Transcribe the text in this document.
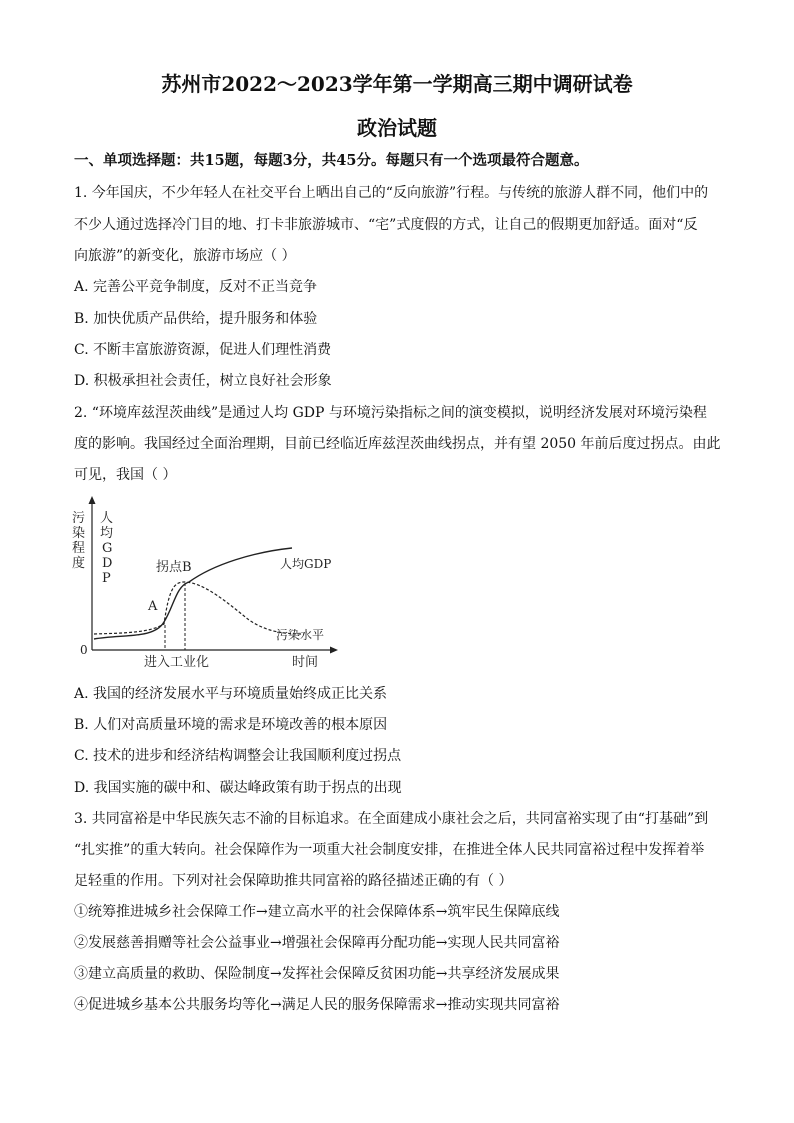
苏州市2022～2023学年第一学期高三期中调研试卷
政治试题
一、单项选择题：共15题，每题3分，共45分。每题只有一个选项最符合题意。
1. 今年国庆，不少年轻人在社交平台上晒出自己的“反向旅游”行程。与传统的旅游人群不同，他们中的
不少人通过选择冷门目的地、打卡非旅游城市、“宅”式度假的方式，让自己的假期更加舒适。面对“反
向旅游”的新变化，旅游市场应（ ）
A. 完善公平竞争制度，反对不正当竞争
B. 加快优质产品供给，提升服务和体验
C. 不断丰富旅游资源，促进人们理性消费
D. 积极承担社会责任，树立良好社会形象
2. “环境库兹涅茨曲线”是通过人均 GDP 与环境污染指标之间的演变模拟，说明经济发展对环境污染程
度的影响。我国经过全面治理期，目前已经临近库兹涅茨曲线拐点，并有望 2050 年前后度过拐点。由此
可见，我国（ ）
污染程度
人均 G D P
0
拐点B
A
人均GDP
污染水平
进入工业化	时间
A. 我国的经济发展水平与环境质量始终成正比关系
B. 人们对高质量环境的需求是环境改善的根本原因
C. 技术的进步和经济结构调整会让我国顺利度过拐点
D. 我国实施的碳中和、碳达峰政策有助于拐点的出现
3. 共同富裕是中华民族矢志不渝的目标追求。在全面建成小康社会之后，共同富裕实现了由“打基础”到
“扎实推”的重大转向。社会保障作为一项重大社会制度安排，在推进全体人民共同富裕过程中发挥着举
足轻重的作用。下列对社会保障助推共同富裕的路径描述正确的有（ ）
①统筹推进城乡社会保障工作→建立高水平的社会保障体系→筑牢民生保障底线
②发展慈善捐赠等社会公益事业→增强社会保障再分配功能→实现人民共同富裕
③建立高质量的救助、保险制度→发挥社会保障反贫困功能→共享经济发展成果
④促进城乡基本公共服务均等化→满足人民的服务保障需求→推动实现共同富裕
